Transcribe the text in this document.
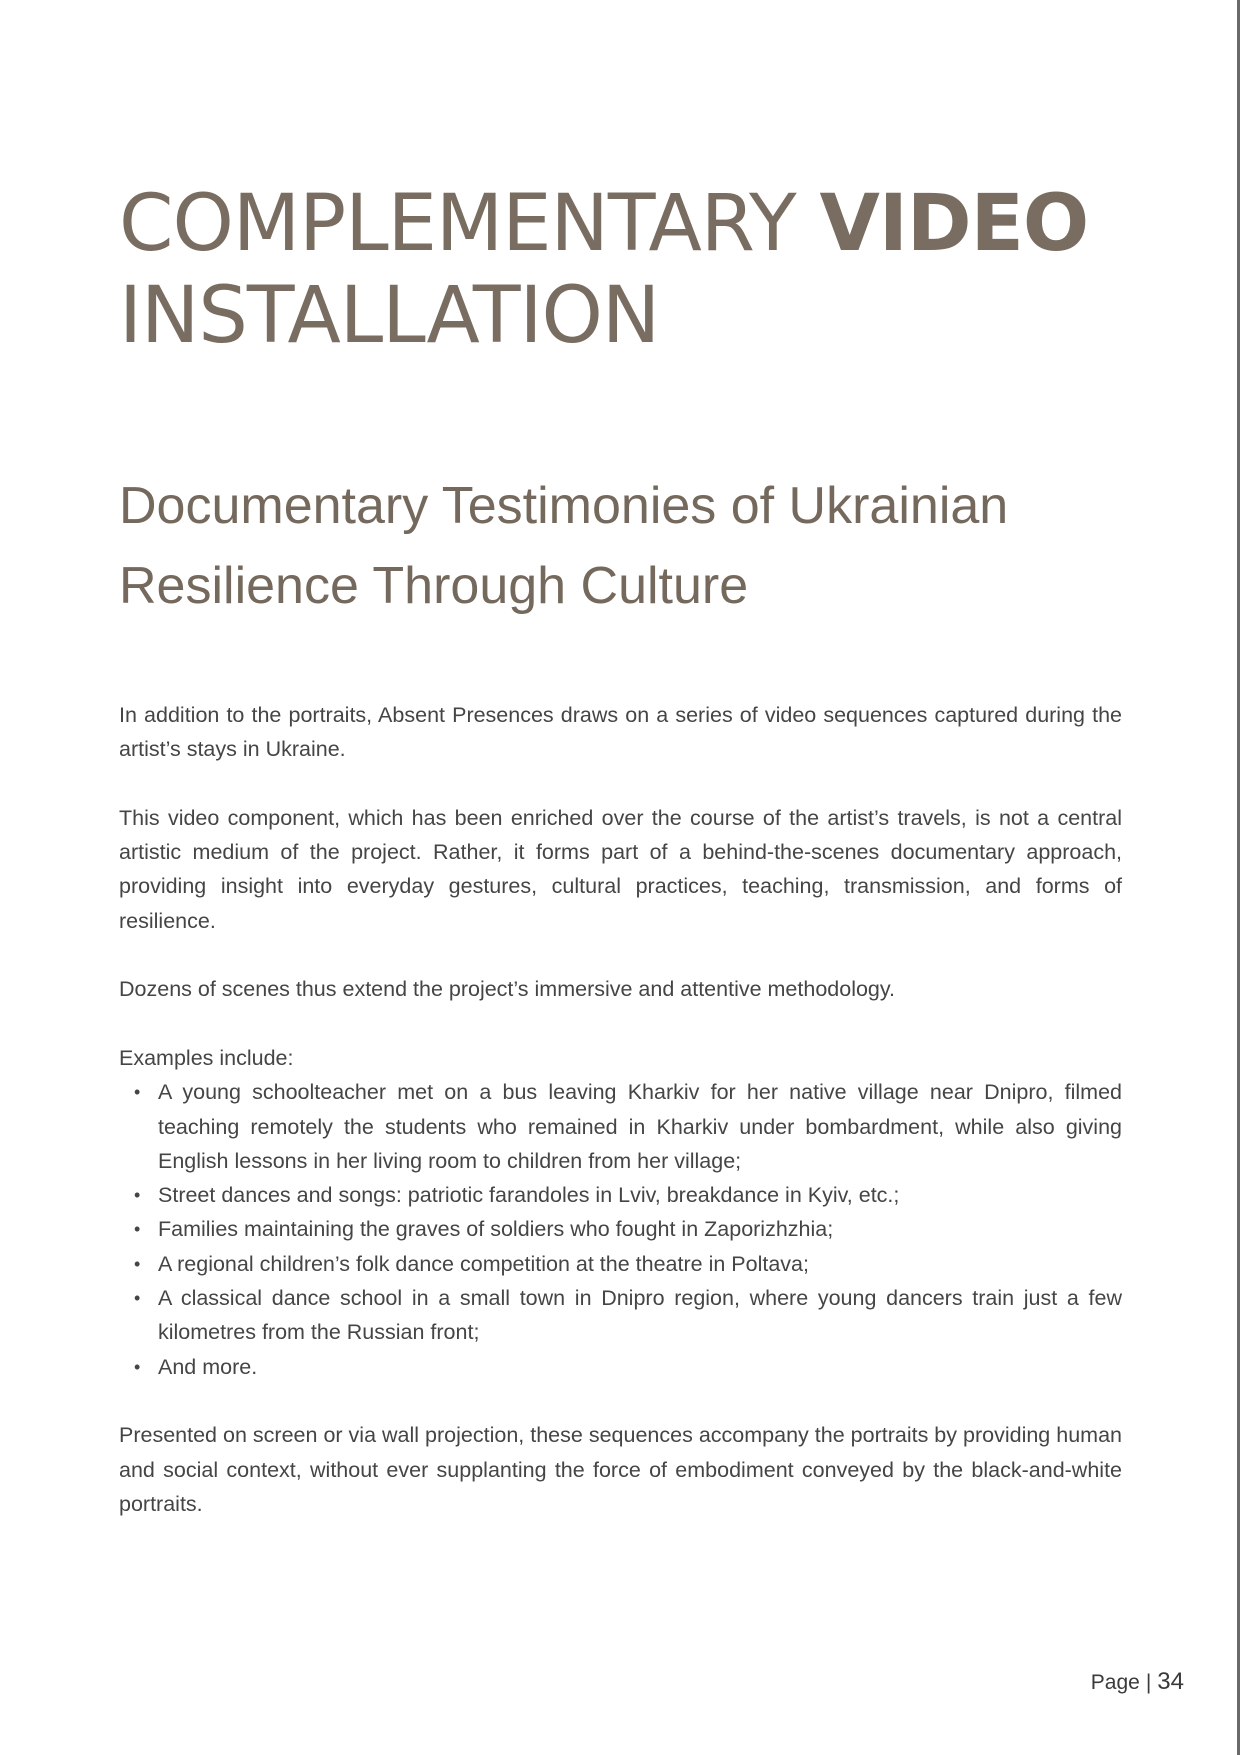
COMPLEMENTARY VIDEO
INSTALLATION
Documentary Testimonies of Ukrainian
Resilience Through Culture

In addition to the portraits, Absent Presences draws on a series of video sequences captured during the artist’s stays in Ukraine.

This video component, which has been enriched over the course of the artist’s travels, is not a central artistic medium of the project. Rather, it forms part of a behind-the-scenes documentary approach, providing insight into everyday gestures, cultural practices, teaching, transmission, and forms of resilience.

Dozens of scenes thus extend the project’s immersive and attentive methodology.

Examples include:

• A young schoolteacher met on a bus leaving Kharkiv for her native village near Dnipro, filmed teaching remotely the students who remained in Kharkiv under bombardment, while also giving English lessons in her living room to children from her village;
• Street dances and songs: patriotic farandoles in Lviv, breakdance in Kyiv, etc.;
• Families maintaining the graves of soldiers who fought in Zaporizhzhia;
• A regional children’s folk dance competition at the theatre in Poltava;
• A classical dance school in a small town in Dnipro region, where young dancers train just a few kilometres from the Russian front;
• And more.

Presented on screen or via wall projection, these sequences accompany the portraits by providing human and social context, without ever supplanting the force of embodiment conveyed by the black-and-white portraits.

Page | 34
